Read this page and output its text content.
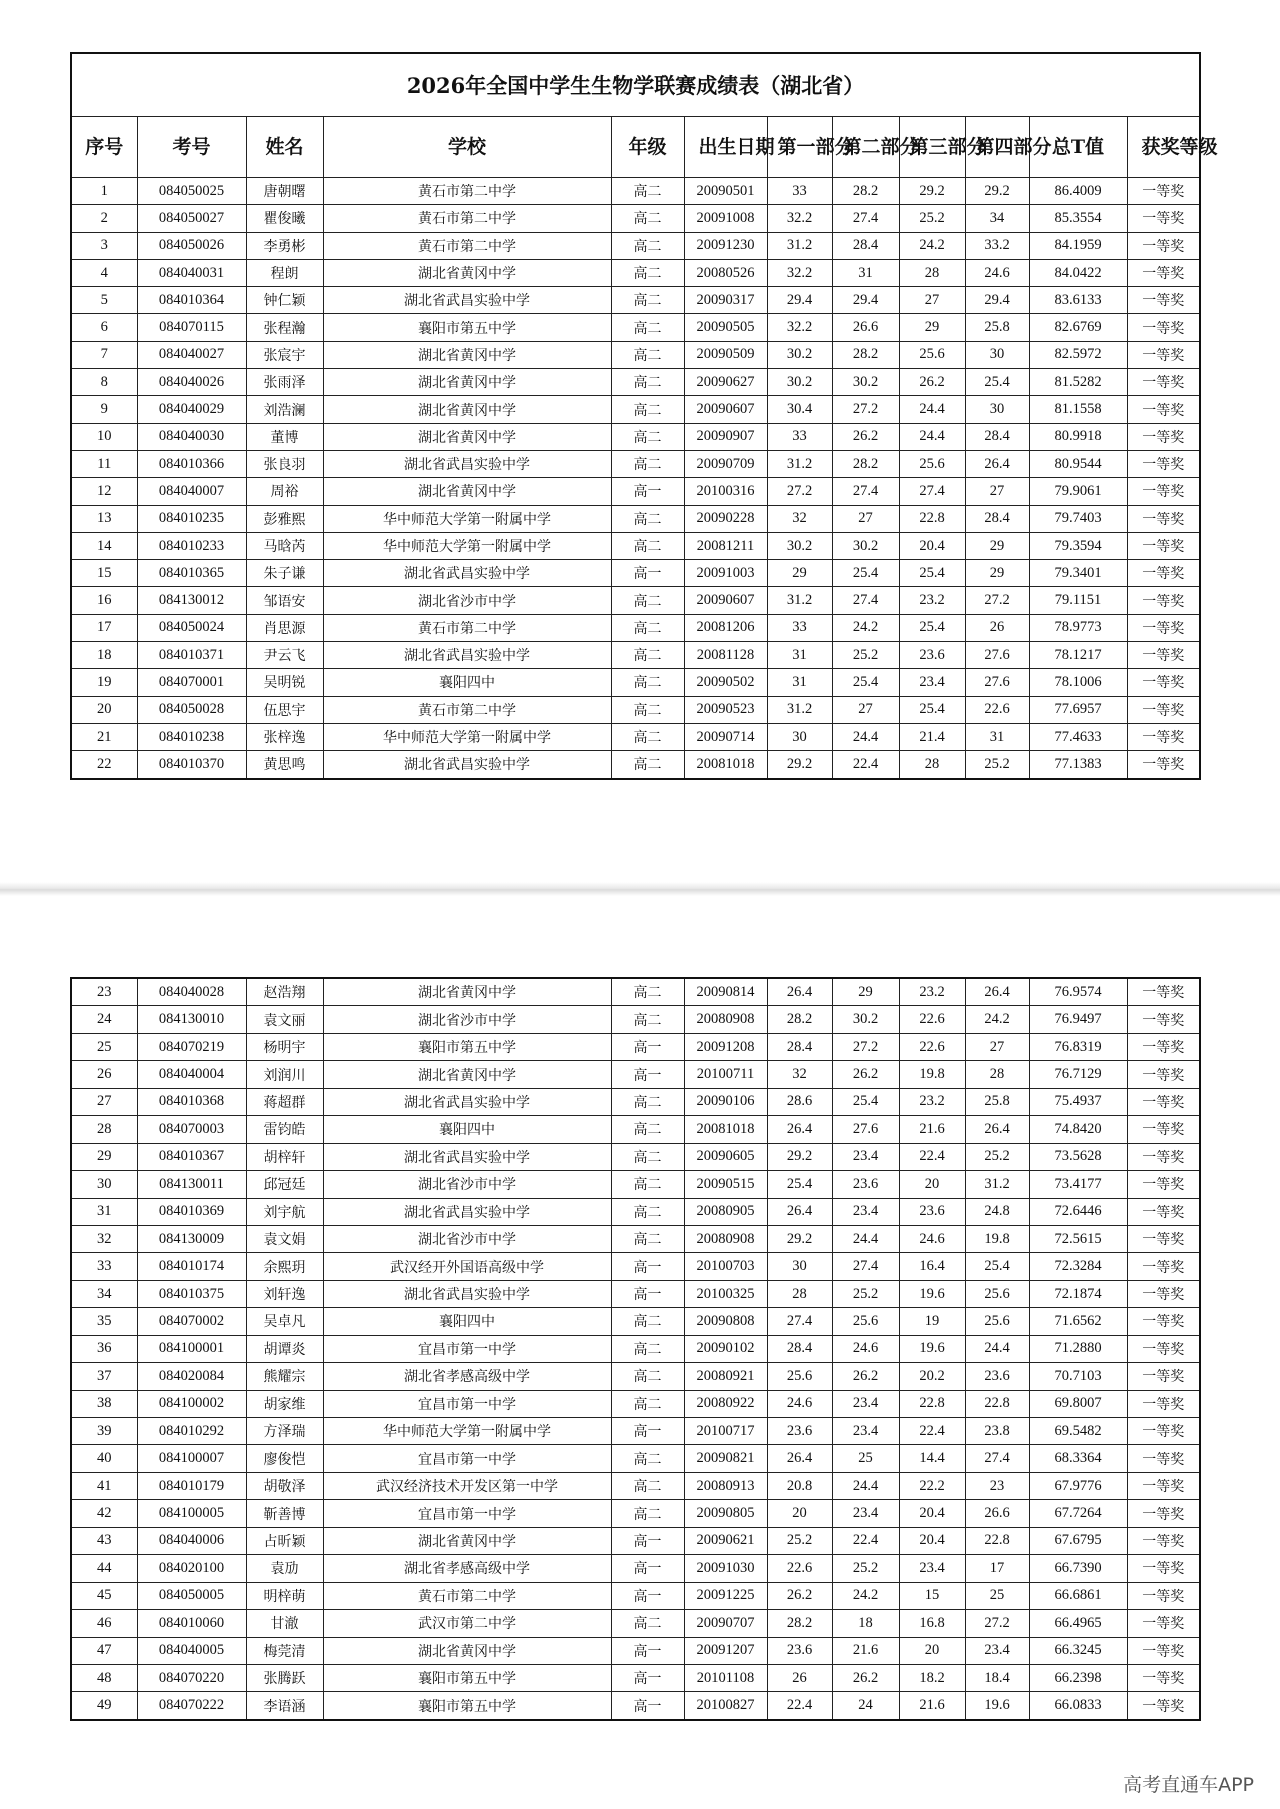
2026年全国中学生生物学联赛成绩表（湖北省）											
序号	考号	姓名	学校	年级	出生日期	第一部分	第二部分	第三部分	第四部分	总T值	获奖等级
1	084050025	唐朝曙	黄石市第二中学	高二	20090501	33	28.2	29.2	29.2	86.4009	一等奖
2	084050027	瞿俊曦	黄石市第二中学	高二	20091008	32.2	27.4	25.2	34	85.3554	一等奖
3	084050026	李勇彬	黄石市第二中学	高二	20091230	31.2	28.4	24.2	33.2	84.1959	一等奖
4	084040031	程朗	湖北省黄冈中学	高二	20080526	32.2	31	28	24.6	84.0422	一等奖
5	084010364	钟仁颖	湖北省武昌实验中学	高二	20090317	29.4	29.4	27	29.4	83.6133	一等奖
6	084070115	张程瀚	襄阳市第五中学	高二	20090505	32.2	26.6	29	25.8	82.6769	一等奖
7	084040027	张宸宇	湖北省黄冈中学	高二	20090509	30.2	28.2	25.6	30	82.5972	一等奖
8	084040026	张雨泽	湖北省黄冈中学	高二	20090627	30.2	30.2	26.2	25.4	81.5282	一等奖
9	084040029	刘浩澜	湖北省黄冈中学	高二	20090607	30.4	27.2	24.4	30	81.1558	一等奖
10	084040030	董博	湖北省黄冈中学	高二	20090907	33	26.2	24.4	28.4	80.9918	一等奖
11	084010366	张良羽	湖北省武昌实验中学	高二	20090709	31.2	28.2	25.6	26.4	80.9544	一等奖
12	084040007	周裕	湖北省黄冈中学	高一	20100316	27.2	27.4	27.4	27	79.9061	一等奖
13	084010235	彭雅熙	华中师范大学第一附属中学	高二	20090228	32	27	22.8	28.4	79.7403	一等奖
14	084010233	马晗芮	华中师范大学第一附属中学	高二	20081211	30.2	30.2	20.4	29	79.3594	一等奖
15	084010365	朱子谦	湖北省武昌实验中学	高一	20091003	29	25.4	25.4	29	79.3401	一等奖
16	084130012	邹语安	湖北省沙市中学	高二	20090607	31.2	27.4	23.2	27.2	79.1151	一等奖
17	084050024	肖思源	黄石市第二中学	高二	20081206	33	24.2	25.4	26	78.9773	一等奖
18	084010371	尹云飞	湖北省武昌实验中学	高二	20081128	31	25.2	23.6	27.6	78.1217	一等奖
19	084070001	吴明锐	襄阳四中	高二	20090502	31	25.4	23.4	27.6	78.1006	一等奖
20	084050028	伍思宇	黄石市第二中学	高二	20090523	31.2	27	25.4	22.6	77.6957	一等奖
21	084010238	张梓逸	华中师范大学第一附属中学	高二	20090714	30	24.4	21.4	31	77.4633	一等奖
22	084010370	黄思鸣	湖北省武昌实验中学	高二	20081018	29.2	22.4	28	25.2	77.1383	一等奖
23	084040028	赵浩翔	湖北省黄冈中学	高二	20090814	26.4	29	23.2	26.4	76.9574	一等奖
24	084130010	袁文丽	湖北省沙市中学	高二	20080908	28.2	30.2	22.6	24.2	76.9497	一等奖
25	084070219	杨明宇	襄阳市第五中学	高一	20091208	28.4	27.2	22.6	27	76.8319	一等奖
26	084040004	刘润川	湖北省黄冈中学	高一	20100711	32	26.2	19.8	28	76.7129	一等奖
27	084010368	蒋超群	湖北省武昌实验中学	高二	20090106	28.6	25.4	23.2	25.8	75.4937	一等奖
28	084070003	雷钧皓	襄阳四中	高二	20081018	26.4	27.6	21.6	26.4	74.8420	一等奖
29	084010367	胡梓轩	湖北省武昌实验中学	高二	20090605	29.2	23.4	22.4	25.2	73.5628	一等奖
30	084130011	邱冠廷	湖北省沙市中学	高二	20090515	25.4	23.6	20	31.2	73.4177	一等奖
31	084010369	刘宇航	湖北省武昌实验中学	高二	20080905	26.4	23.4	23.6	24.8	72.6446	一等奖
32	084130009	袁文娟	湖北省沙市中学	高二	20080908	29.2	24.4	24.6	19.8	72.5615	一等奖
33	084010174	余熙玥	武汉经开外国语高级中学	高一	20100703	30	27.4	16.4	25.4	72.3284	一等奖
34	084010375	刘轩逸	湖北省武昌实验中学	高一	20100325	28	25.2	19.6	25.6	72.1874	一等奖
35	084070002	吴卓凡	襄阳四中	高二	20090808	27.4	25.6	19	25.6	71.6562	一等奖
36	084100001	胡谭炎	宜昌市第一中学	高二	20090102	28.4	24.6	19.6	24.4	71.2880	一等奖
37	084020084	熊耀宗	湖北省孝感高级中学	高二	20080921	25.6	26.2	20.2	23.6	70.7103	一等奖
38	084100002	胡家维	宜昌市第一中学	高二	20080922	24.6	23.4	22.8	22.8	69.8007	一等奖
39	084010292	方泽瑞	华中师范大学第一附属中学	高一	20100717	23.6	23.4	22.4	23.8	69.5482	一等奖
40	084100007	廖俊恺	宜昌市第一中学	高二	20090821	26.4	25	14.4	27.4	68.3364	一等奖
41	084010179	胡敬泽	武汉经济技术开发区第一中学	高二	20080913	20.8	24.4	22.2	23	67.9776	一等奖
42	084100005	靳善博	宜昌市第一中学	高二	20090805	20	23.4	20.4	26.6	67.7264	一等奖
43	084040006	占昕颖	湖北省黄冈中学	高一	20090621	25.2	22.4	20.4	22.8	67.6795	一等奖
44	084020100	袁劢	湖北省孝感高级中学	高一	20091030	22.6	25.2	23.4	17	66.7390	一等奖
45	084050005	明梓萌	黄石市第二中学	高一	20091225	26.2	24.2	15	25	66.6861	一等奖
46	084010060	甘澈	武汉市第二中学	高二	20090707	28.2	18	16.8	27.2	66.4965	一等奖
47	084040005	梅莞清	湖北省黄冈中学	高一	20091207	23.6	21.6	20	23.4	66.3245	一等奖
48	084070220	张腾跃	襄阳市第五中学	高一	20101108	26	26.2	18.2	18.4	66.2398	一等奖
49	084070222	李语涵	襄阳市第五中学	高一	20100827	22.4	24	21.6	19.6	66.0833	一等奖
高考直通车APP
